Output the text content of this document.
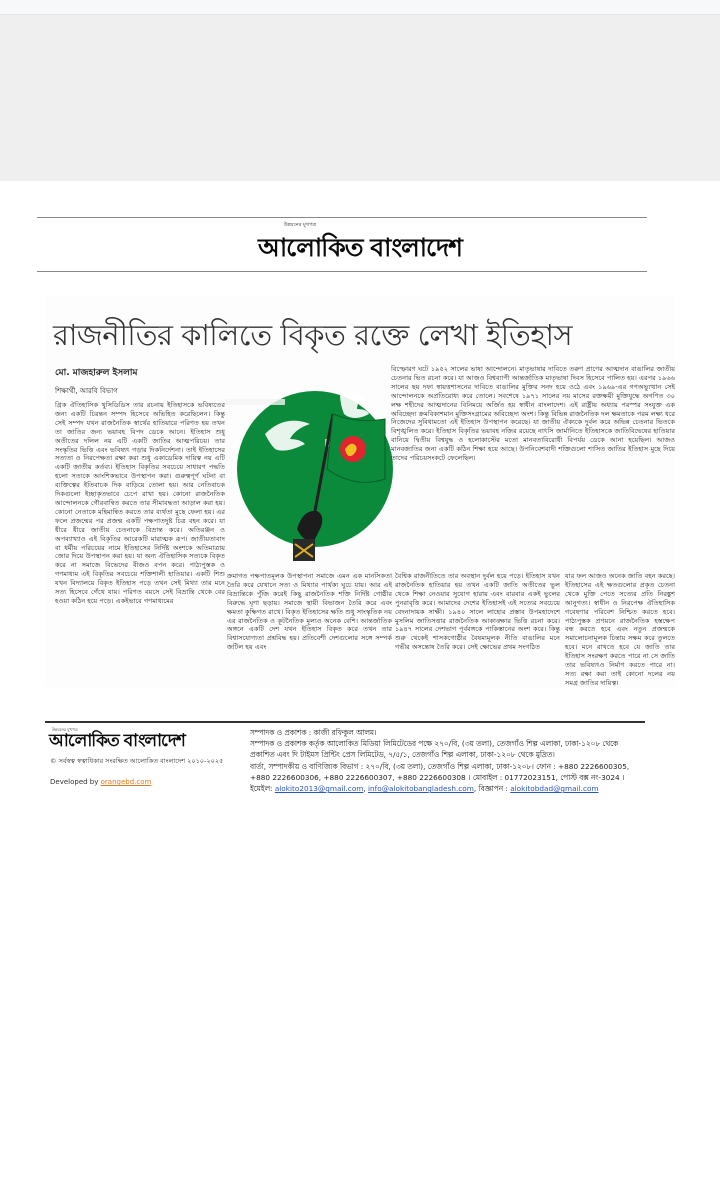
উন্নয়নের মুখপত্র
আলোকিত বাংলাদেশ
রাজনীতির কালিতে বিকৃত রক্তে লেখা ইতিহাস
মো. মাজহারুল ইসলাম
শিক্ষার্থী, আরবি বিভাগ
গ্রিক ঐতিহাসিক থুসিডিডিস তার রচনায় ইতিহাসকে ভবিষ্যতের জন্য একটি চিরন্তন সম্পদ হিসেবে অভিহিত করেছিলেন। কিন্তু সেই সম্পদ যখন রাজনৈতিক স্বার্থের হাতিয়ারে পরিণত হয় তখন তা জাতির জন্য ভয়াবহ বিপদ ডেকে আনে। ইতিহাস শুধু অতীতের দলিল নয় এটি একটি জাতির আত্মপরিচয়। তার সংস্কৃতির ভিত্তি এবং ভবিষ্যৎ গড়ার দিকনির্দেশনা। তাই ইতিহাসের সত্যতা ও নিরপেক্ষতা রক্ষা করা শুধু একাডেমিক দায়িত্ব নয় এটি একটি জাতীয় কর্তব্য। ইতিহাস বিকৃতির সবচেয়ে সাধারণ পদ্ধতি হলো সত্যকে আংশিকভাবে উপস্থাপন করা। গুরুত্বপূর্ণ ঘটনা বা ব্যক্তিত্বের ইতিবাচক দিক বাড়িয়ে তোলা হয়। আর নেতিবাচক দিকগুলো ইচ্ছাকৃতভাবে চেপে রাখা হয়। কোনো রাজনৈতিক আন্দোলনকে গৌরবান্বিত করতে তার সীমাবদ্ধতা আড়াল করা হয়। কোনো নেতাকে মহিমান্বিত করতে তার ব্যর্থতা মুছে ফেলা হয়। এর ফলে প্রজন্মের পর প্রজন্ম একটি পক্ষপাতদুষ্ট চিত্র বহন করে। যা ধীরে ধীরে জাতীয় চেতনাকে বিভ্রান্ত করে। অতিরঞ্জন ও অপব্যাখ্যাও এই বিকৃতির আরেকটি মারাত্মক রূপ। জাতীয়তাবাদ বা ধর্মীয় পরিচয়ের নামে ইতিহাসের নির্দিষ্ট অংশকে অতিমাত্রায় জোর দিয়ে উপস্থাপন করা হয়। যা অন্য ঐতিহাসিক সত্যকে বিকৃত করে না সমাজে বিভেদের বীজও বপন করে। পাঠ্যপুস্তক ও গণমাধ্যম এই বিকৃতির সবচেয়ে শক্তিশালী হাতিয়ার। একটি শিশু যখন বিদ্যালয়ে বিকৃত ইতিহাস পড়ে তখন সেই মিথ্যা তার মনে সত্য হিসেবে গেঁথে যায়। পরিণত বয়সে সেই বিভ্রান্তি থেকে বের হওয়া কঠিন হয়ে পড়ে। একইভাবে গণমাধ্যমের
বিস্ফোরণ ঘটে ১৯৫২ সালের ভাষা আন্দোলনে। মাতৃভাষার দাবিতে তরুণ প্রাণের আত্মদান বাঙালির জাতীয় চেতনার ভিত রচনা করে। যা আজও বিশ্বব্যাপী আন্তর্জাতিক মাতৃভাষা দিবস হিসেবে পালিত হয়। এরপর ১৯৬৬ সালের ছয় দফা স্বায়ত্তশাসনের দাবিতে বাঙালির মুক্তির সনদ হয়ে ওঠে এবং ১৯৬৯-এর গণঅভ্যুত্থান সেই আন্দোলনকে অপ্রতিরোধ্য করে তোলে। সবশেষে ১৯৭১ সালের নয় মাসের রক্তক্ষয়ী মুক্তিযুদ্ধে অগণিত ৩০ লক্ষ শহীদের আত্মদানের বিনিময়ে অর্জিত হয় স্বাধীন বাংলাদেশ। এই রাষ্ট্রীয় অধ্যায় পরস্পর সংযুক্ত এক অবিচ্ছেদ্য ক্রমবিকাশমান মুক্তিসংগ্রামের অবিচ্ছেদ্য অংশ। কিন্তু বিভিন্ন রাজনৈতিক দল ক্ষমতাকে পরম লক্ষ্য ধরে নিজেদের সুবিধামতো এই ইতিহাস উপস্থাপন করেছে। যা জাতীয় ঐক্যকে দুর্বল করে অভিন্ন চেতনার ভিতকে বিশৃঙ্খলিত করে। ইতিহাস বিকৃতির ভয়াবহ নজির রয়েছে নাৎসি জার্মানিতে ইতিহাসকে জাতিবিদ্বেষের হাতিয়ার বানিয়ে দ্বিতীয় বিশ্বযুদ্ধ ও হলোকাস্টের মতো মানবতাবিরোধী বিপর্যয় ডেকে আনা হয়েছিল। আজও মানবজাতির জন্য একটি কঠিন শিক্ষা হয়ে আছে। উপনিবেশবাদী শক্তিগুলো শাসিত জাতির ইতিহাস মুছে দিয়ে তাদের পরিচয়সংকটে ফেলেছিল।
ক্রমাগত পক্ষপাতমূলক উপস্থাপনা সমাজে এমন এক মানসিকতা তৈরি করে যেখানে সত্য ও মিথ্যার পার্থক্য ঘুচে যায়। আর এই বিভ্রান্তিকে পুঁজি করেই কিছু রাজনৈতিক শক্তি নির্দিষ্ট গোষ্ঠীর বিরুদ্ধে ঘৃণা ছড়ায়। সমাজে স্থায়ী বিভাজন তৈরি করে এবং ক্ষমতা কুক্ষিগত রাখে। বিকৃত ইতিহাসের ক্ষতি শুধু সাংস্কৃতিক নয় এর রাজনৈতিক ও কূটনৈতিক মূল্যও অনেক বেশি। আন্তর্জাতিক অঙ্গনে একটি দেশ যখন ইতিহাস বিকৃত করে তখন তার বিশ্বাসযোগ্যতা প্রশ্নবিদ্ধ হয়। প্রতিবেশী দেশগুলোর সঙ্গে সম্পর্ক জটিল হয় এবং
বৈশ্বিক রাজনীতিতে তার অবস্থান দুর্বল হয়ে পড়ে। ইতিহাস যখন রাজনৈতিক হাতিয়ার হয় তখন একটি জাতি অতীতের ভুল থেকে শিক্ষা নেওয়ার সুযোগ হারায় এবং বারবার একই ভুলের পুনরাবৃত্তি করে। আমাদের দেশের ইতিহাসই এই সত্যের সবচেয়ে বেদনাদায়ক সাক্ষী। ১৯৪০ সালে লাহোর প্রস্তাব উপমহাদেশে মুসলিম জাতিসত্তার রাজনৈতিক আকাঙ্ক্ষার ভিত্তি রচনা করে। ১৯৪৭ সালের দেশভাগ পূর্ববঙ্গকে পাকিস্তানের অংশ করে। কিন্তু শুরু থেকেই শাসকগোষ্ঠীর বৈষম্যমূলক নীতি বাঙালির মনে গভীর অসন্তোষ তৈরি করে। সেই ক্ষোভের প্রথম সংগঠিত
যার ফল আজও অনেক জাতি বহন করছে। ইতিহাসের এই ক্ষতগুলোর প্রকৃত চেতনা থেকে মুক্তি পেতে সত্যের প্রতি নিরঙ্কুশ আনুগত্য। স্বাধীন ও নিরপেক্ষ ঐতিহাসিক গবেষণার পরিবেশ নিশ্চিত করতে হবে। পাঠ্যপুস্তক প্রণয়নে রাজনৈতিক হস্তক্ষেপ বন্ধ করতে হবে এবং নতুন প্রজন্মকে সমালোচনামূলক চিন্তায় সক্ষম করে তুলতে হবে। মনে রাখতে হবে যে জাতি তার ইতিহাস সংরক্ষণ করতে পারে না সে জাতি তার ভবিষ্যৎও নির্মাণ করতে পারে না। সত্য রক্ষা করা তাই কোনো দলের নয় সমগ্র জাতির দায়িত্ব।
উন্নয়নের মুখপত্র
আলোকিত বাংলাদেশ
© সর্বস্বত্ব স্বত্বাধিকার সংরক্ষিত আলোকিত বাংলাদেশ ২০১০-২০২৫
Developed by orangebd.com
সম্পাদক ও প্রকাশক : কাজী রফিকুল আলম।
সম্পাদক ও প্রকাশক কর্তৃক আলোকিত মিডিয়া লিমিটেডের পক্ষে ২৭০/বি, (৩য় তলা), তেজগাঁও শিল্প এলাকা, ঢাকা-১২০৮ থেকে প্রকাশিত এবং দি টাইমস প্রিন্টিং প্রেস লিমিটেড, ৭/৫/১, তেজগাঁও শিল্প এলাকা, ঢাকা-১২০৮ থেকে মুদ্রিত।
বার্তা, সম্পাদকীয় ও বাণিজ্যিক বিভাগ : ২৭০/বি, (৩য় তলা), তেজগাঁও শিল্প এলাকা, ঢাকা-১২০৮। ফোন : +880 2226600305, +880 2226600306, +880 2226600307, +880 2226600308 । মোবাইল : 01772023151, পোস্ট বক্স নং-3024 ।
ইমেইল: alokito2013@gmail.com, info@alokitobangladesh.com, বিজ্ঞাপন : alokitobdad@gmail.com
